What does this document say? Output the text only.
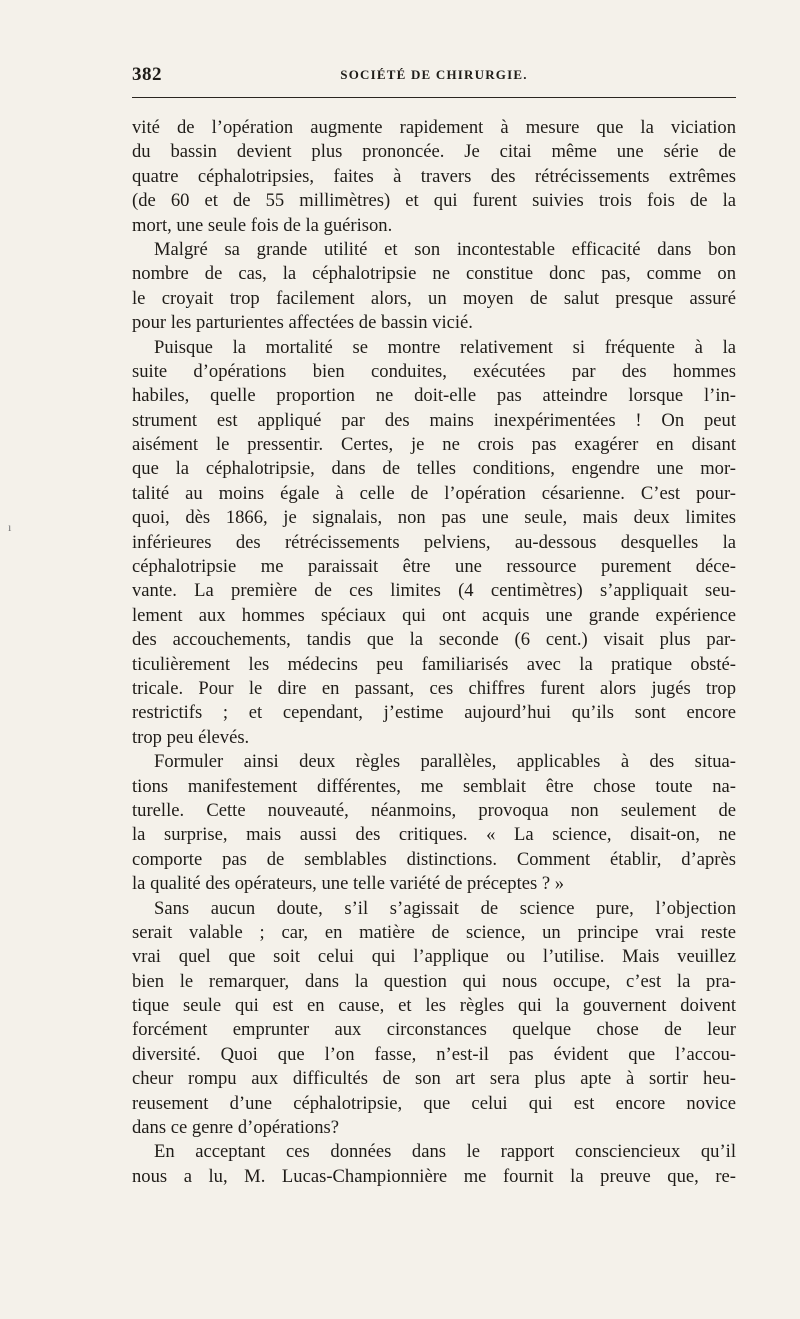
382	SOCIÉTÉ DE CHIRURGIE.
ı
vité de l’opération augmente rapidement à mesure que la viciation
du bassin devient plus prononcée. Je citai même une série de
quatre céphalotripsies, faites à travers des rétrécissements extrêmes
(de 60 et de 55 millimètres) et qui furent suivies trois fois de la
mort, une seule fois de la guérison.
Malgré sa grande utilité et son incontestable efficacité dans bon
nombre de cas, la céphalotripsie ne constitue donc pas, comme on
le croyait trop facilement alors, un moyen de salut presque assuré
pour les parturientes affectées de bassin vicié.
Puisque la mortalité se montre relativement si fréquente à la
suite d’opérations bien conduites, exécutées par des hommes
habiles, quelle proportion ne doit-elle pas atteindre lorsque l’in-
strument est appliqué par des mains inexpérimentées ! On peut
aisément le pressentir. Certes, je ne crois pas exagérer en disant
que la céphalotripsie, dans de telles conditions, engendre une mor-
talité au moins égale à celle de l’opération césarienne. C’est pour-
quoi, dès 1866, je signalais, non pas une seule, mais deux limites
inférieures des rétrécissements pelviens, au-dessous desquelles la
céphalotripsie me paraissait être une ressource purement déce-
vante. La première de ces limites (4 centimètres) s’appliquait seu-
lement aux hommes spéciaux qui ont acquis une grande expérience
des accouchements, tandis que la seconde (6 cent.) visait plus par-
ticulièrement les médecins peu familiarisés avec la pratique obsté-
tricale. Pour le dire en passant, ces chiffres furent alors jugés trop
restrictifs ; et cependant, j’estime aujourd’hui qu’ils sont encore
trop peu élevés.
Formuler ainsi deux règles parallèles, applicables à des situa-
tions manifestement différentes, me semblait être chose toute na-
turelle. Cette nouveauté, néanmoins, provoqua non seulement de
la surprise, mais aussi des critiques. « La science, disait-on, ne
comporte pas de semblables distinctions. Comment établir, d’après
la qualité des opérateurs, une telle variété de préceptes ? »
Sans aucun doute, s’il s’agissait de science pure, l’objection
serait valable ; car, en matière de science, un principe vrai reste
vrai quel que soit celui qui l’applique ou l’utilise. Mais veuillez
bien le remarquer, dans la question qui nous occupe, c’est la pra-
tique seule qui est en cause, et les règles qui la gouvernent doivent
forcément emprunter aux circonstances quelque chose de leur
diversité. Quoi que l’on fasse, n’est-il pas évident que l’accou-
cheur rompu aux difficultés de son art sera plus apte à sortir heu-
reusement d’une céphalotripsie, que celui qui est encore novice
dans ce genre d’opérations?
En acceptant ces données dans le rapport consciencieux qu’il
nous a lu, M. Lucas-Championnière me fournit la preuve que, re-
